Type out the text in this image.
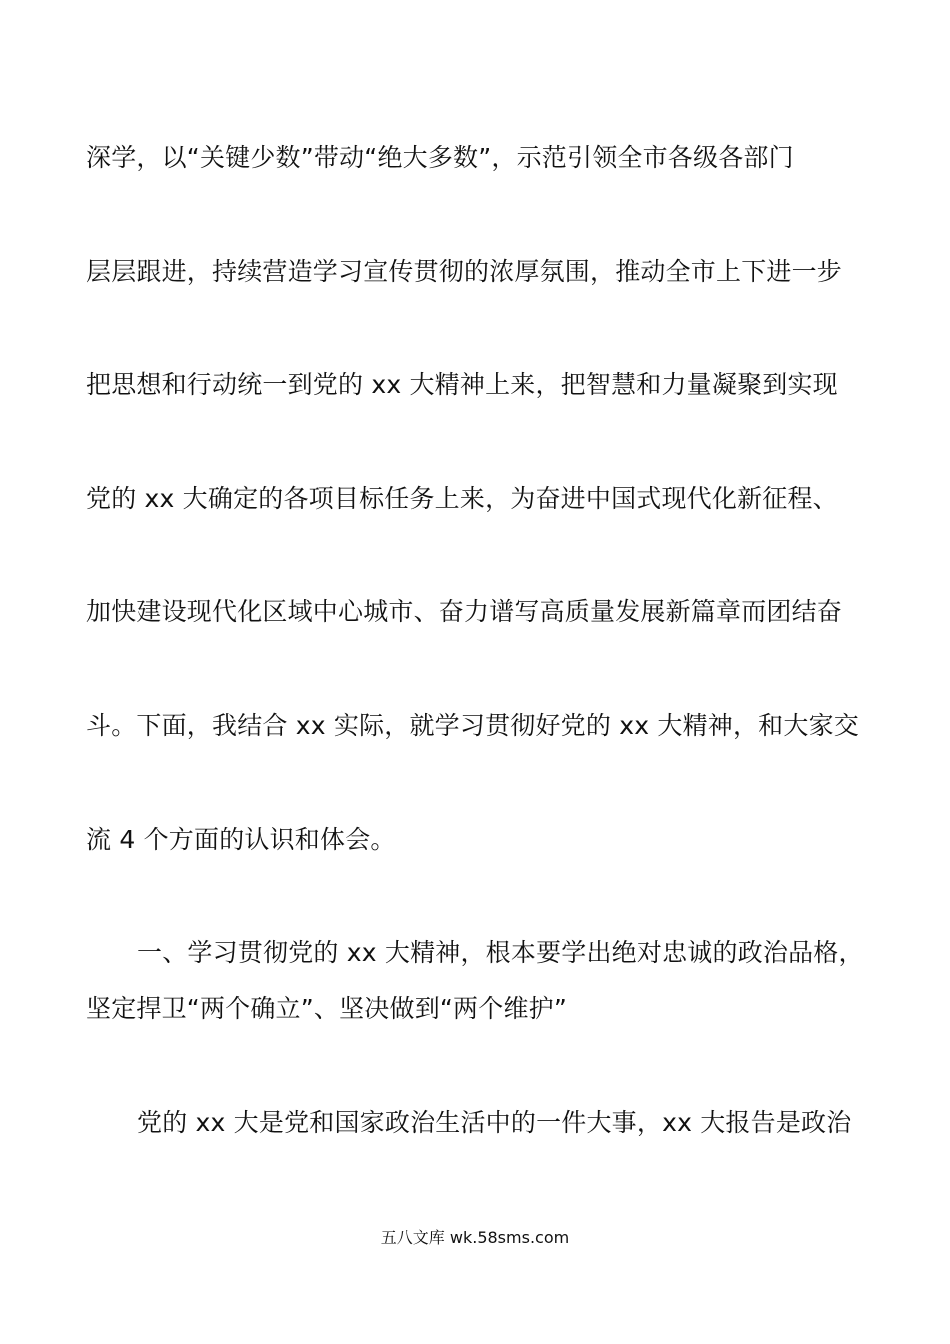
深学，以“关键少数”带动“绝大多数”，示范引领全市各级各部门
层层跟进，持续营造学习宣传贯彻的浓厚氛围，推动全市上下进一步
把思想和行动统一到党的 xx 大精神上来，把智慧和力量凝聚到实现
党的 xx 大确定的各项目标任务上来，为奋进中国式现代化新征程、
加快建设现代化区域中心城市、奋力谱写高质量发展新篇章而团结奋
斗。下面，我结合 xx 实际，就学习贯彻好党的 xx 大精神，和大家交
流 4 个方面的认识和体会。
一、学习贯彻党的 xx 大精神，根本要学出绝对忠诚的政治品格，
坚定捍卫“两个确立”、坚决做到“两个维护”
党的 xx 大是党和国家政治生活中的一件大事，xx 大报告是政治
五八文库 wk.58sms.com
